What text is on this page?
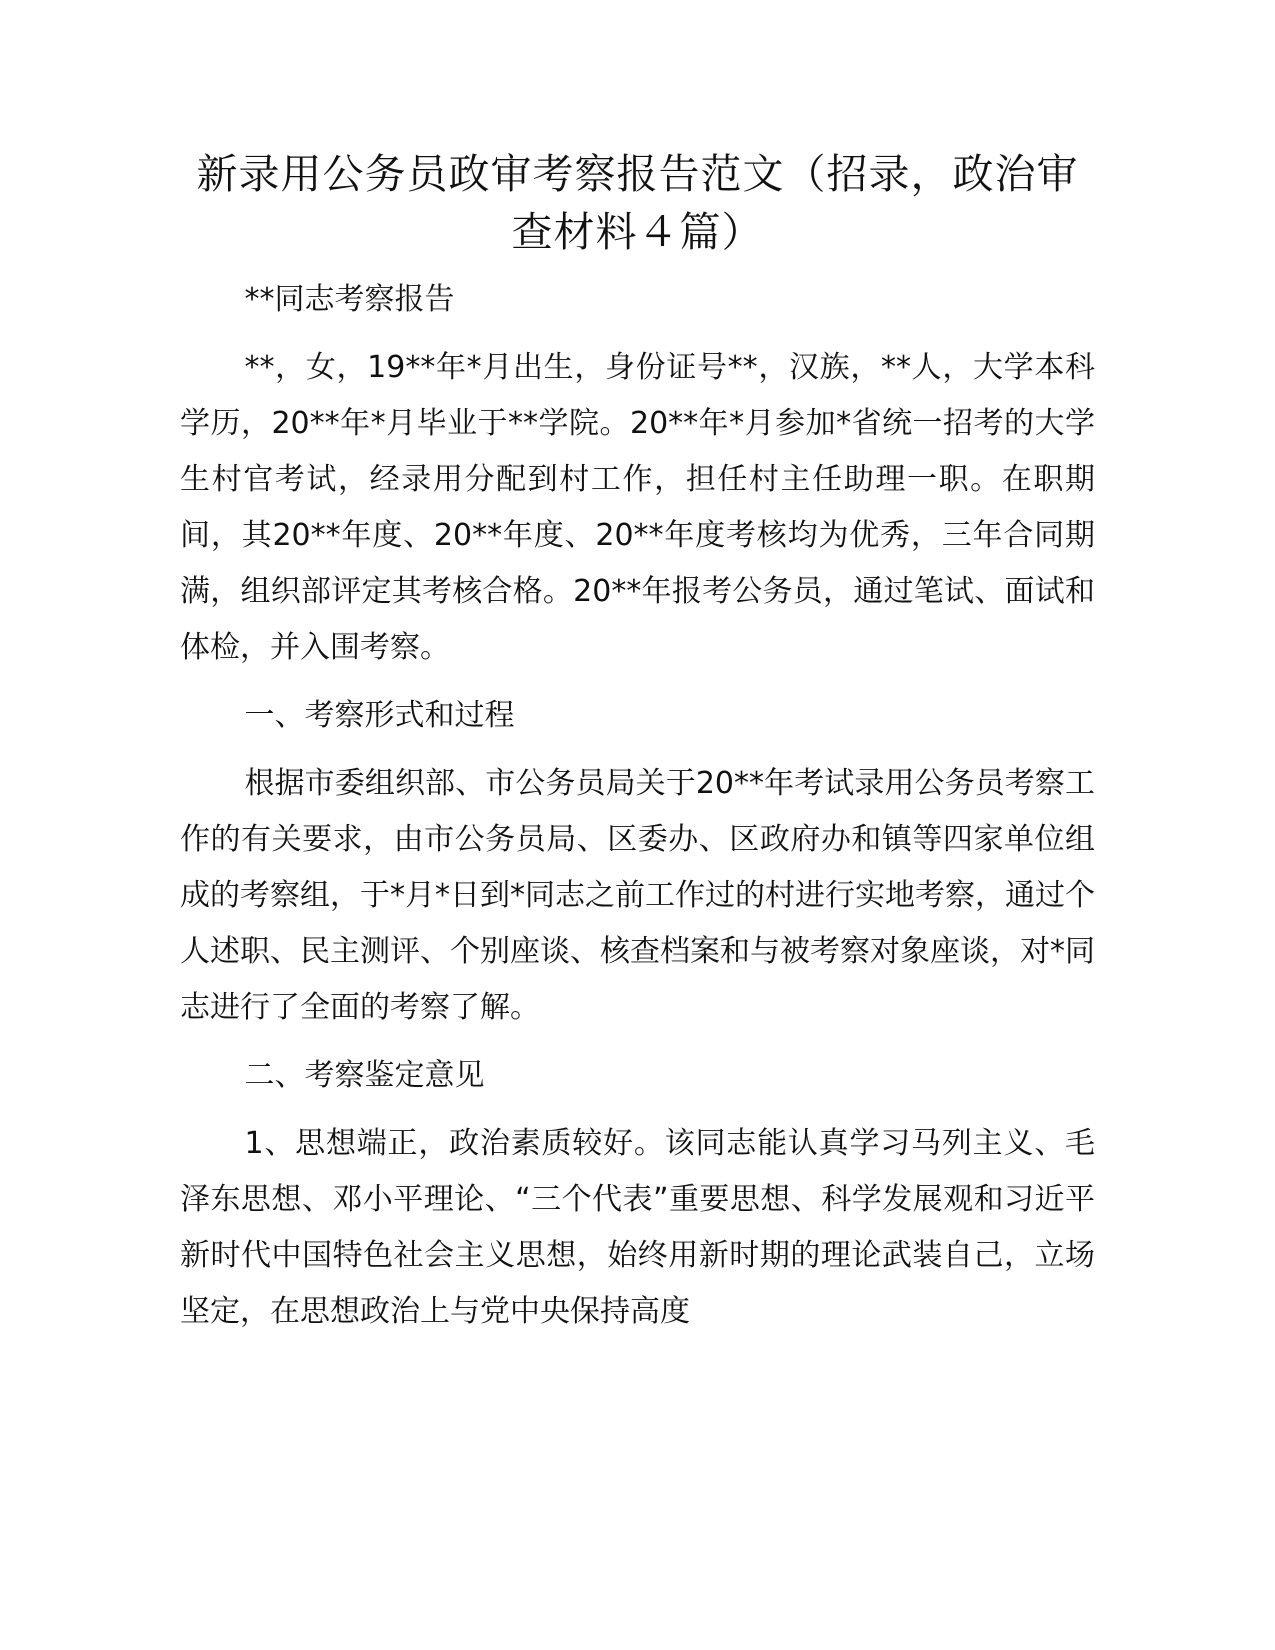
新录用公务员政审考察报告范文（招录，政治审查材料４篇）

**同志考察报告

**，女，19**年*月出生，身份证号**，汉族，**人，大学本科学历，20**年*月毕业于**学院。20**年*月参加*省统一招考的大学生村官考试，经录用分配到村工作，担任村主任助理一职。在职期间，其20**年度、20**年度、20**年度考核均为优秀，三年合同期满，组织部评定其考核合格。20**年报考公务员，通过笔试、面试和体检，并入围考察。

一、考察形式和过程

根据市委组织部、市公务员局关于20**年考试录用公务员考察工作的有关要求，由市公务员局、区委办、区政府办和镇等四家单位组成的考察组，于*月*日到*同志之前工作过的村进行实地考察，通过个人述职、民主测评、个别座谈、核查档案和与被考察对象座谈，对*同志进行了全面的考察了解。

二、考察鉴定意见

1、思想端正，政治素质较好。该同志能认真学习马列主义、毛泽东思想、邓小平理论、“三个代表”重要思想、科学发展观和习近平新时代中国特色社会主义思想，始终用新时期的理论武装自己，立场坚定，在思想政治上与党中央保持高度
